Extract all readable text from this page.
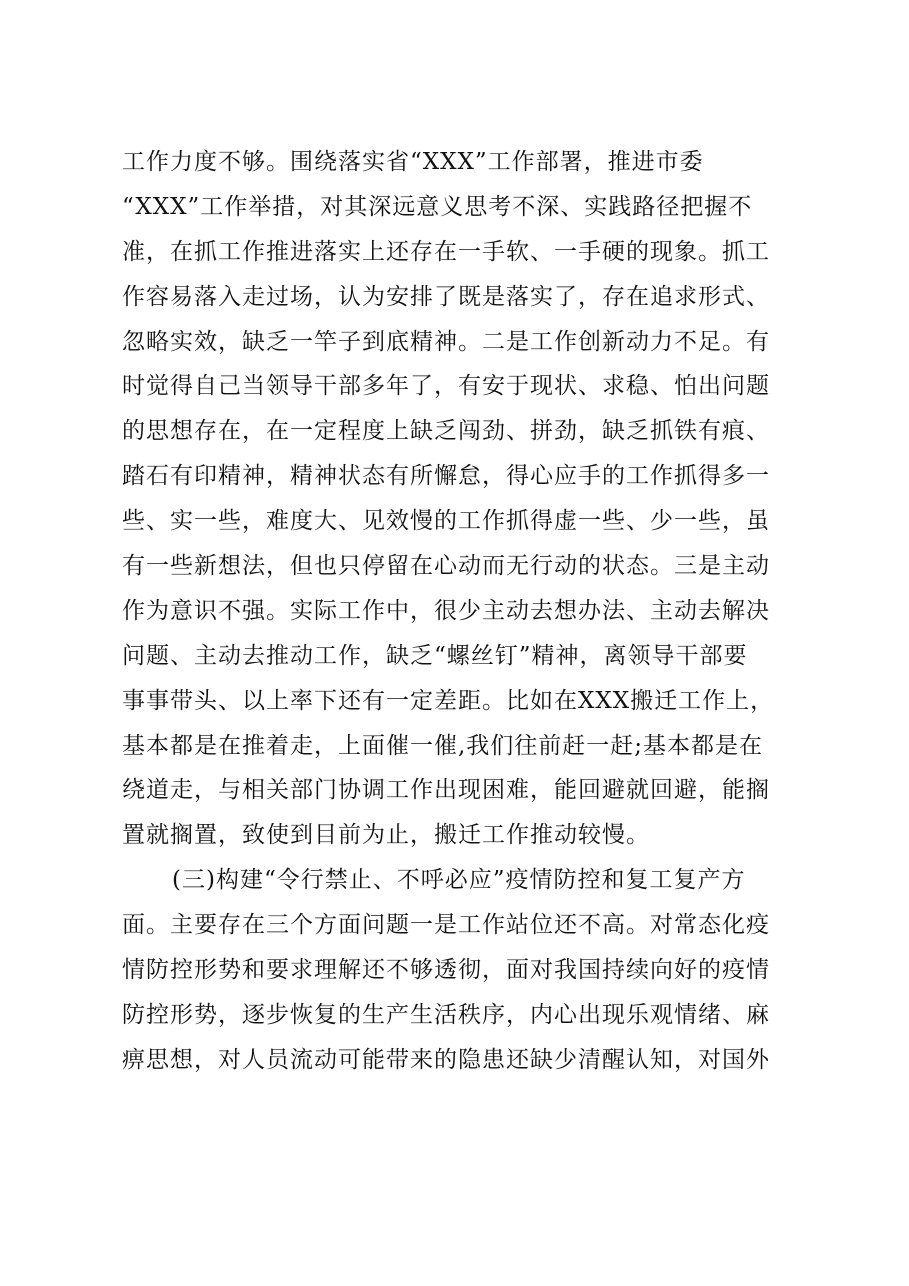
工作力度不够。围绕落实省“XXX”工作部署，推进市委
“XXX”工作举措，对其深远意义思考不深、实践路径把握不
准，在抓工作推进落实上还存在一手软、一手硬的现象。抓工
作容易落入走过场，认为安排了既是落实了，存在追求形式、
忽略实效，缺乏一竿子到底精神。二是工作创新动力不足。有
时觉得自己当领导干部多年了，有安于现状、求稳、怕出问题
的思想存在，在一定程度上缺乏闯劲、拼劲，缺乏抓铁有痕、
踏石有印精神，精神状态有所懈怠，得心应手的工作抓得多一
些、实一些，难度大、见效慢的工作抓得虚一些、少一些，虽
有一些新想法，但也只停留在心动而无行动的状态。三是主动
作为意识不强。实际工作中，很少主动去想办法、主动去解决
问题、主动去推动工作，缺乏“螺丝钉”精神，离领导干部要
事事带头、以上率下还有一定差距。比如在XXX搬迁工作上，
基本都是在推着走，上面催一催,我们往前赶一赶;基本都是在
绕道走，与相关部门协调工作出现困难，能回避就回避，能搁
置就搁置，致使到目前为止，搬迁工作推动较慢。
(三)构建“令行禁止、不呼必应”疫情防控和复工复产方
面。主要存在三个方面问题一是工作站位还不高。对常态化疫
情防控形势和要求理解还不够透彻，面对我国持续向好的疫情
防控形势，逐步恢复的生产生活秩序，内心出现乐观情绪、麻
痹思想，对人员流动可能带来的隐患还缺少清醒认知，对国外
